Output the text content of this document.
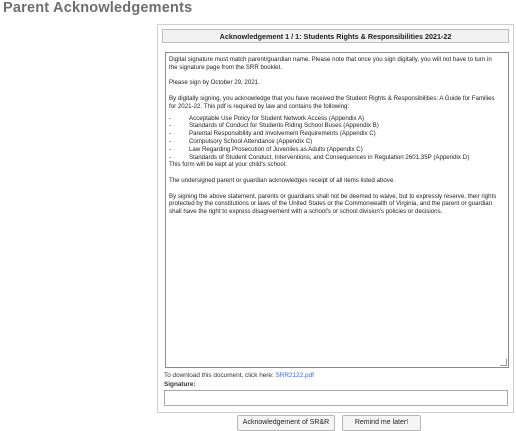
Parent Acknowledgements
Acknowledgement 1 / 1: Students Rights & Responsibilities 2021-22

Digital signature must match parent/guardian name. Please note that once you sign digitally, you will not have to turn in the signature page from the SRR booklet.

Please sign by October 29, 2021.

By digitally signing, you acknowledge that you have received the Student Rights & Responsibilities: A Guide for Families for 2021-22. This pdf is required by law and contains the following:

-	Acceptable Use Policy for Student Network Access (Appendix A)
-	Standards of Conduct for Students Riding School Buses (Appendix B)
-	Parental Responsibility and Involvement Requirements (Appendix C)
-	Compulsory School Attendance (Appendix C)
-	Law Regarding Prosecution of Juveniles as Adults (Appendix C)
-	Standards of Student Conduct, Interventions, and Consequences in Regulation 2601.35P (Appendix D)

This form will be kept at your child's school.

The undersigned parent or guardian acknowledges receipt of all items listed above.

By signing the above statement, parents or guardians shall not be deemed to waive, but to expressly reserve, their rights protected by the constitutions or laws of the United States or the Commonwealth of Virginia, and the parent or guardian shall have the right to express disagreement with a school's or school division's policies or decisions.

To download this document, click here: SRR2122.pdf
Signature:
Acknowledgement of SR&R	Remind me later!
